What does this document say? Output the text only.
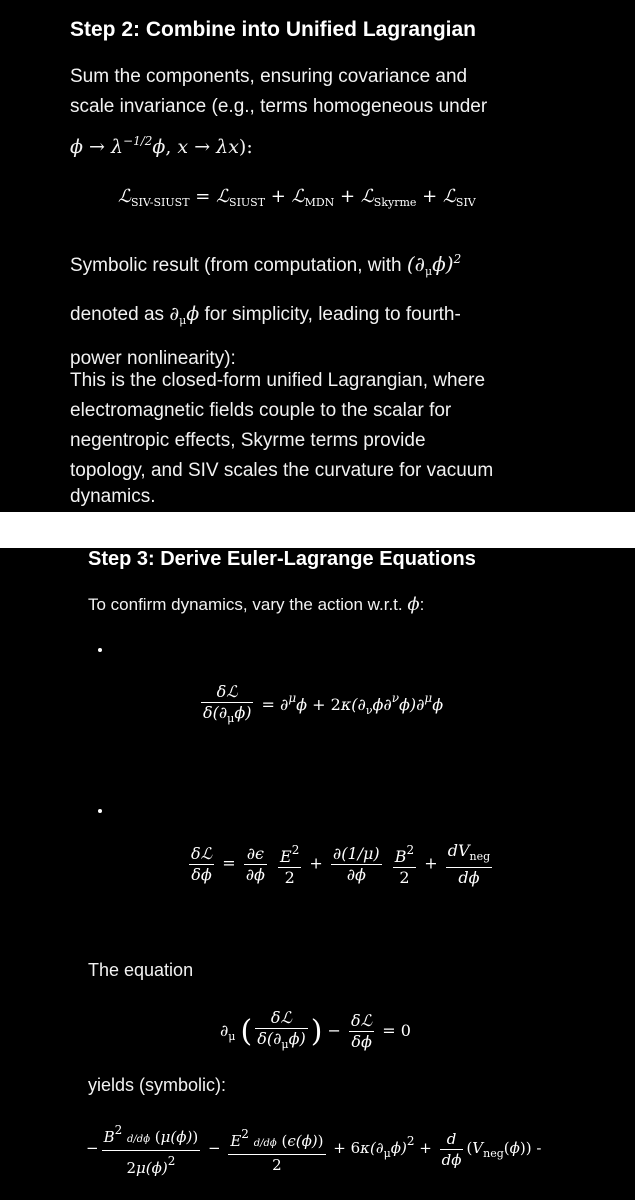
Step 2: Combine into Unified Lagrangian
Sum the components, ensuring covariance and
scale invariance (e.g., terms homogeneous under
$\phi \to \lambda^{-1/2}\phi$, x → λx):
ℒ$_{SIV-SIUST}$ = ℒ$_{SIUST}$ + ℒ$_{MDN}$ + ℒ$_{Skyrme}$ + ℒ$_{SIV}$
Symbolic result (from computation, with $(\partial_\mu\phi)^2$
denoted as $\partial_\mu\phi$ for simplicity, leading to fourth-
power nonlinearity):
This is the closed-form unified Lagrangian, where
electromagnetic fields couple to the scalar for
negentropic effects, Skyrme terms provide
topology, and SIV scales the curvature for vacuum
dynamics.
Step 3: Derive Euler-Lagrange Equations
To confirm dynamics, vary the action w.r.t. ϕ:
$\frac{\text{δℒ}}{\delta(\partial_\mu\phi)} = \partial^\mu\phi + 2\kappa(\partial_\nu\phi\partial^\nu\phi)\partial^\mu\phi$
$\frac{\text{δℒ}}{\delta\phi} = \frac{\partial\epsilon}{\partial\phi}$
$\frac{E^2}{2} + \frac{\partial(1/\mu)}{\partial\phi}$
$\frac{B^2}{2} + \frac{dV_{neg}}{d\phi}$
The equation
$\partial_\mu$ ( $\frac{\text{δℒ}}{\delta(\partial_\mu\phi)}$ ) − $\frac{\text{δℒ}}{\delta\phi} = 0$
yields (symbolic):
− $\frac{B^2 d/d\phi (\mu(\phi))}{2\mu(\phi)^2} - \frac{E^2 d/d\phi (\epsilon(\phi))}{2} + 6\kappa(\partial_\mu\phi)^2 + \frac{d}{d\phi} (V_{neg}(\phi))$ -
